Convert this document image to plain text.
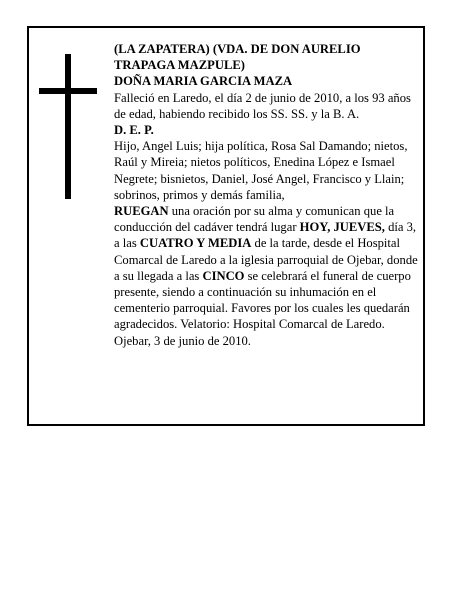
(LA ZAPATERA) (VDA. DE DON AURELIO TRAPAGA MAZPULE)

DOÑA MARIA GARCIA MAZA

Falleció en Laredo, el día 2 de junio de 2010, a los 93 años de edad, habiendo recibido los SS. SS. y la B. A.

D. E. P.

Hijo, Angel Luis; hija política, Rosa Sal Damando; nietos, Raúl y Mireia; nietos políticos, Enedina López e Ismael Negrete; bisnietos, Daniel, José Angel, Francisco y Llain; sobrinos, primos y demás familia,

RUEGAN una oración por su alma y comunican que la conducción del cadáver tendrá lugar HOY, JUEVES, día 3, a las CUATRO Y MEDIA de la tarde, desde el Hospital Comarcal de Laredo a la iglesia parroquial de Ojebar, donde a su llegada a las CINCO se celebrará el funeral de cuerpo presente, siendo a continuación su inhumación en el cementerio parroquial. Favores por los cuales les quedarán agradecidos. Velatorio: Hospital Comarcal de Laredo.

Ojebar, 3 de junio de 2010.
